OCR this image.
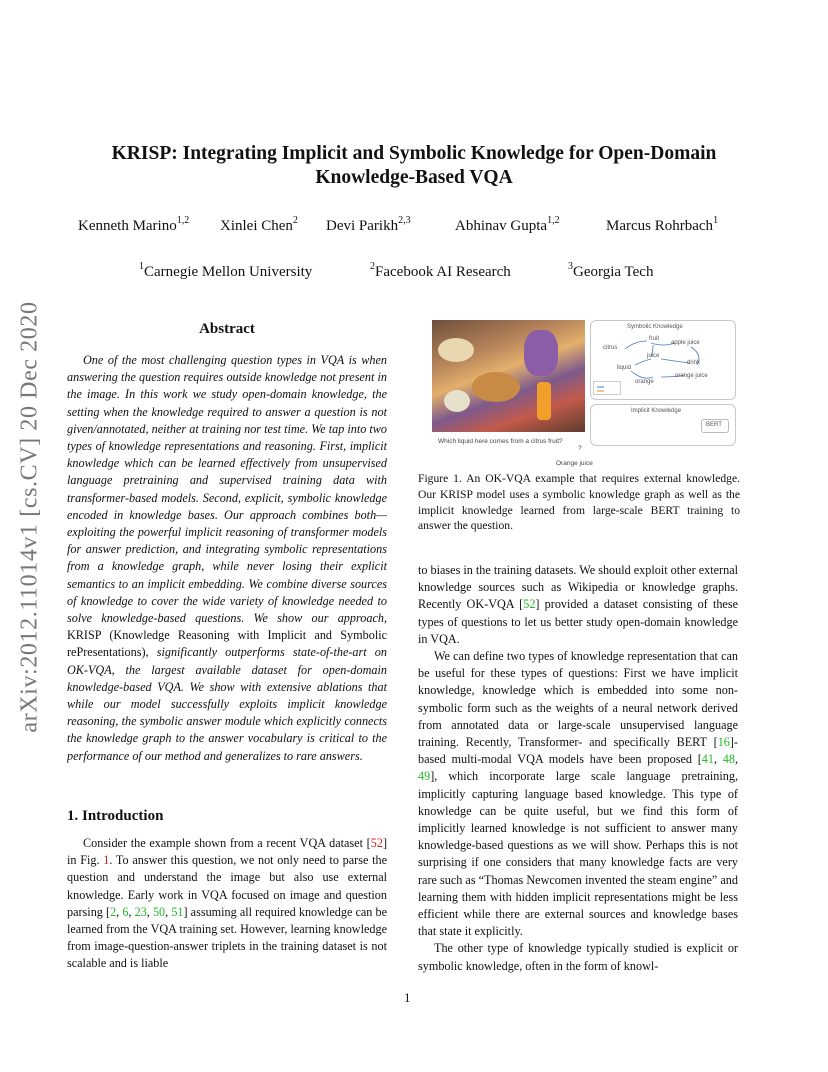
arXiv:2012.11014v1 [cs.CV] 20 Dec 2020
KRISP: Integrating Implicit and Symbolic Knowledge for Open-Domain Knowledge-Based VQA
Kenneth Marino$^{1,2}$ Xinlei Chen$^2$ Devi Parikh$^{2,3}$	Abhinav Gupta$^{1,2}$	Marcus Rohrbach$^1$
$^1$Carnegie Mellon University	$^2$Facebook AI Research	$^3$Georgia Tech
Abstract

One of the most challenging question types in VQA is when answering the question requires outside knowledge not present in the image. In this work we study open-domain knowledge, the setting when the knowledge required to answer a question is not given/annotated, neither at training nor test time. We tap into two types of knowledge representations and reasoning. First, implicit knowledge which can be learned effectively from unsupervised language pretraining and supervised training data with transformer-based models. Second, explicit, symbolic knowledge encoded in knowledge bases. Our approach combines both—exploiting the powerful implicit reasoning of transformer models for answer prediction, and integrating symbolic representations from a knowledge graph, while never losing their explicit semantics to an implicit embedding. We combine diverse sources of knowledge to cover the wide variety of knowledge needed to solve knowledge-based questions. We show our approach, KRISP (Knowledge Reasoning with Implicit and Symbolic rePresentations), significantly outperforms state-of-the-art on OK-VQA, the largest available dataset for open-domain knowledge-based VQA. We show with extensive ablations that while our model successfully exploits implicit knowledge reasoning, the symbolic answer module which explicitly connects the knowledge graph to the answer vocabulary is critical to the performance of our method and generalizes to rare answers.

1. Introduction

Consider the example shown from a recent VQA dataset [52] in Fig. 1. To answer this question, we not only need to parse the question and understand the image but also use external knowledge. Early work in VQA focused on image and question parsing [2, 6, 23, 50, 51] assuming all required knowledge can be learned from the VQA training set. However, learning knowledge from image-question-answer triplets in the training dataset is not scalable and is liable

Symbolic Knowledge
fruit
citrus
apple juice
juice
drink
liquid
orange juice
orange
Implicit Knowledge
BERT
Which liquid here comes from a citrus fruit?
?
Orange juice
Figure 1. An OK-VQA example that requires external knowledge. Our KRISP model uses a symbolic knowledge graph as well as the implicit knowledge learned from large-scale BERT training to answer the question.

to biases in the training datasets. We should exploit other external knowledge sources such as Wikipedia or knowledge graphs. Recently OK-VQA [52] provided a dataset consisting of these types of questions to let us better study open-domain knowledge in VQA.

We can define two types of knowledge representation that can be useful for these types of questions: First we have implicit knowledge, knowledge which is embedded into some non-symbolic form such as the weights of a neural network derived from annotated data or large-scale unsupervised language training. Recently, Transformer- and specifically BERT [16]-based multi-modal VQA models have been proposed [41, 48, 49], which incorporate large scale language pretraining, implicitly capturing language based knowledge. This type of knowledge can be quite useful, but we find this form of implicitly learned knowledge is not sufficient to answer many knowledge-based questions as we will show. Perhaps this is not surprising if one considers that many knowledge facts are very rare such as “Thomas Newcomen invented the steam engine” and learning them with hidden implicit representations might be less efficient while there are external sources and knowledge bases that state it explicitly.

The other type of knowledge typically studied is explicit or symbolic knowledge, often in the form of knowl-

1
